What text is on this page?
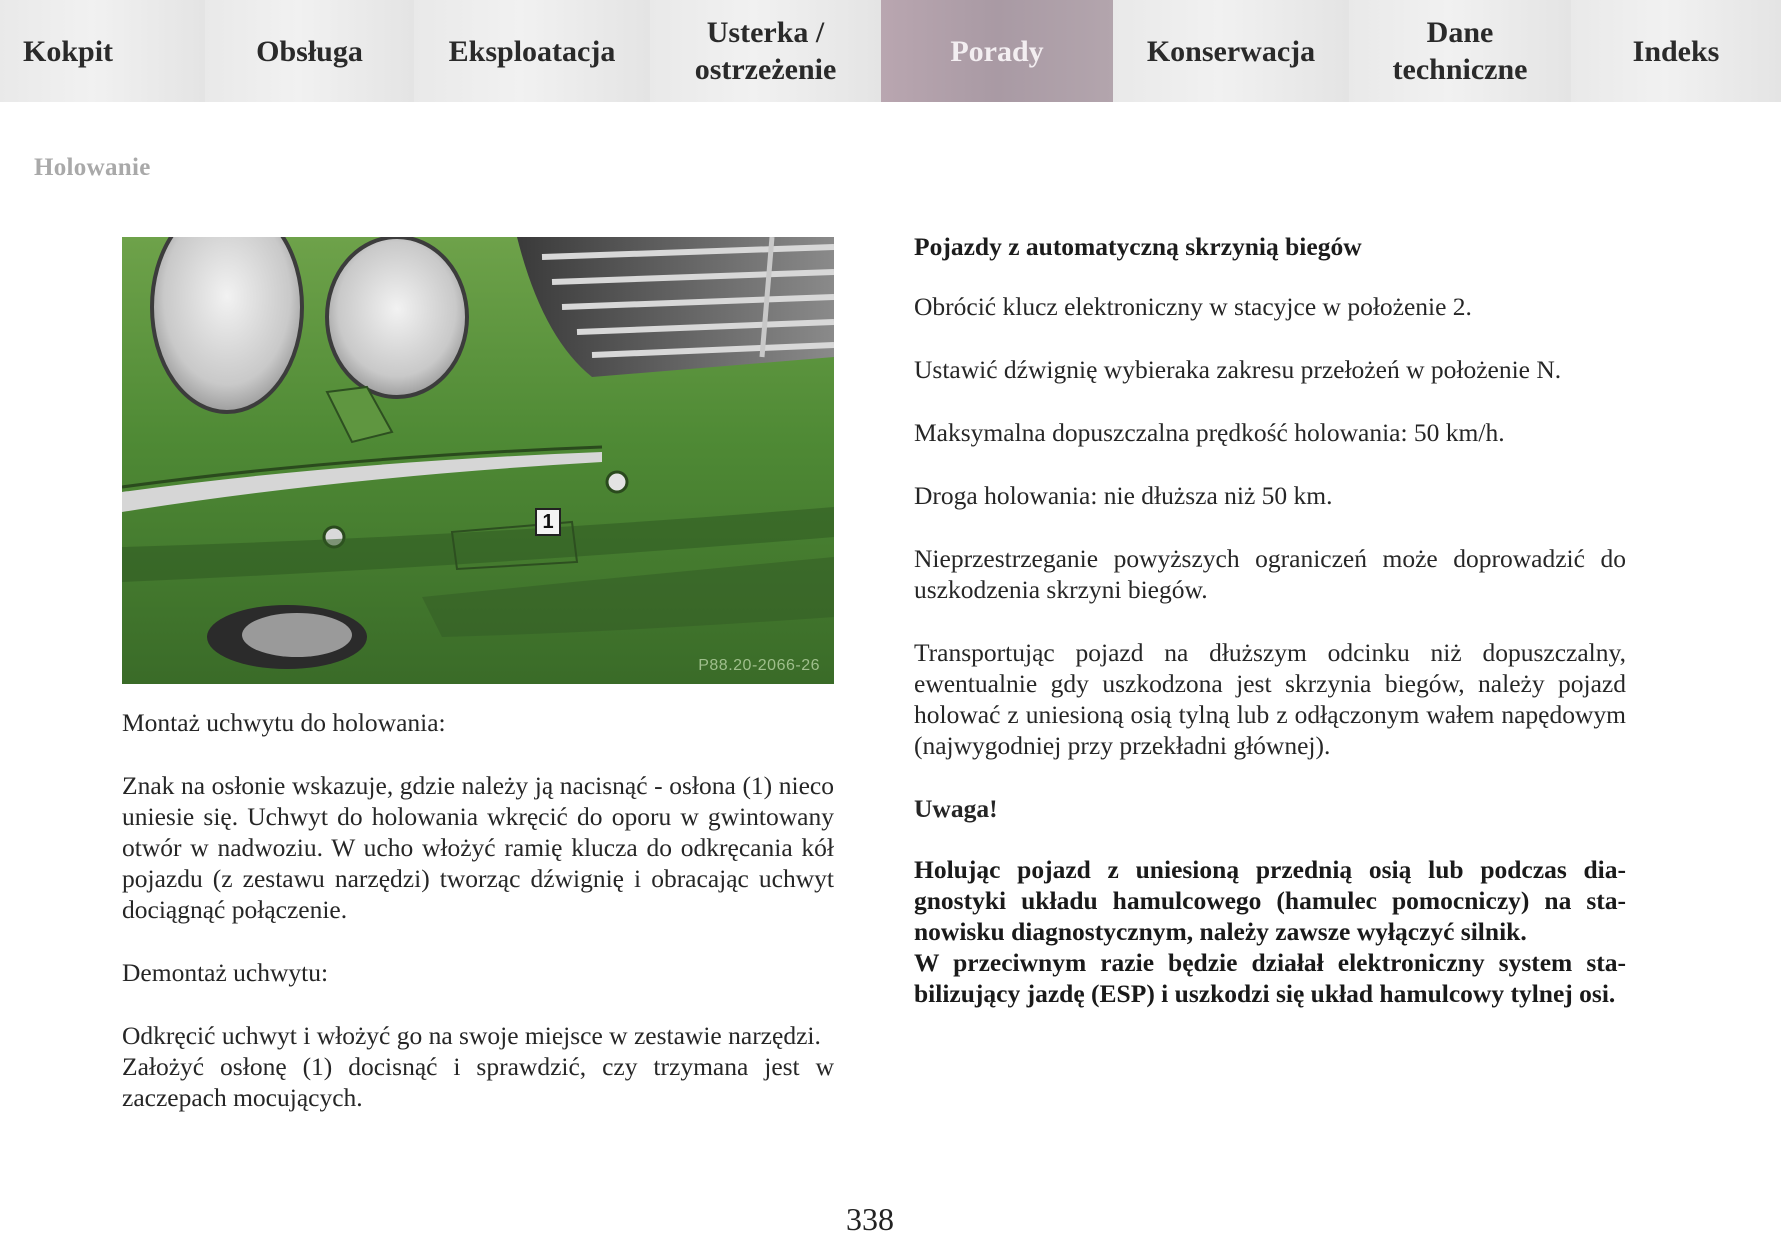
Kokpit	Obsługa	Eksploatacja
Usterka /
ostrzeżenie
Porady	Konserwacja
Dane
techniczne
Indeks
Holowanie
1
P88.20-2066-26

Montaż uchwytu do holowania:

Znak na osłonie wskazuje, gdzie należy ją nacisnąć - osłona (1) nieco uniesie się. Uchwyt do holowania wkręcić do oporu w gwintowany otwór w nadwoziu. W ucho włożyć ramię klucza do odkręcania kół pojazdu (z zestawu narzędzi) tworząc dźwignię i obracając uchwyt dociągnąć połączenie.

Demontaż uchwytu:

Odkręcić uchwyt i włożyć go na swoje miejsce w zestawie narzędzi.

Założyć osłonę (1) docisnąć i sprawdzić, czy trzymana jest w zaczepach mocujących.

Pojazdy z automatyczną skrzynią biegów

Obrócić klucz elektroniczny w stacyjce w położenie 2.

Ustawić dźwignię wybieraka zakresu przełożeń w położenie N.

Maksymalna dopuszczalna prędkość holowania: 50 km/h.

Droga holowania: nie dłuższa niż 50 km.

Nieprzestrzeganie powyższych ograniczeń może doprowadzić do uszkodzenia skrzyni biegów.

Transportując pojazd na dłuższym odcinku niż dopuszczalny, ewentualnie gdy uszkodzona jest skrzynia biegów, należy pojazd holować z uniesioną osią tylną lub z odłączonym wałem napędowym (najwygodniej przy przekładni głównej).

Uwaga!

Holując pojazd z uniesioną przednią osią lub podczas diagnostyki układu hamulcowego (hamulec pomocniczy) na stanowisku diagnostycznym, należy zawsze wyłączyć silnik.

W przeciwnym razie będzie działał elektroniczny system stabilizujący jazdę (ESP) i uszkodzi się układ hamulcowy tylnej osi.

338
